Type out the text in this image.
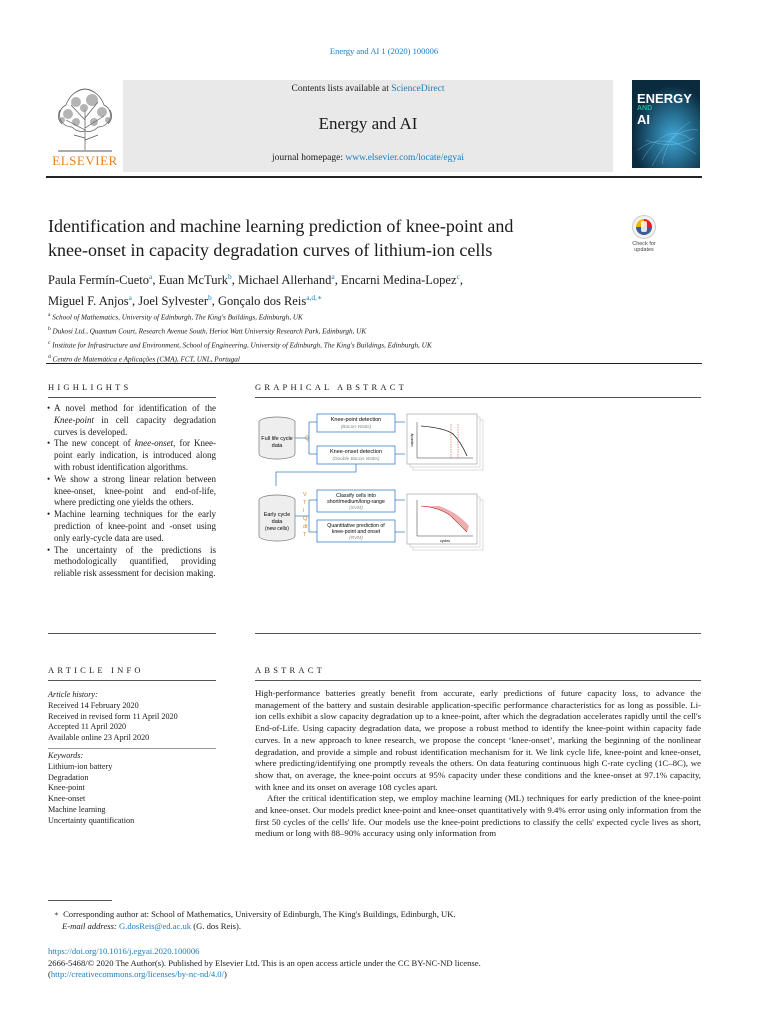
Energy and AI 1 (2020) 100006
ELSEVIER
Contents lists available at ScienceDirect
Energy and AI
journal homepage: www.elsevier.com/locate/egyai
ENERGY
AND
AI
Identification and machine learning prediction of knee-point and
knee-onset in capacity degradation curves of lithium-ion cells	Check for
updates
Paula Fermín-Cueto$^a$, Euan McTurk$^b$, Michael Allerhand$^a$, Encarni Medina-Lopez$^c$,
Miguel F. Anjos$^a$, Joel Sylvester$^b$, Gonçalo dos Reis$^{a,d,∗}$
$^a$ School of Mathematics, University of Edinburgh, The King's Buildings, Edinburgh, UK
$^b$ Dukosi Ltd., Quantum Court, Research Avenue South, Heriot Watt University Research Park, Edinburgh, UK
$^c$ Institute for Infrastructure and Environment, School of Engineering, University of Edinburgh, The King's Buildings, Edinburgh, UK
$^d$ Centro de Matemática e Aplicações (CMA), FCT, UNL, Portugal
HIGHLIGHTS
• A novel method for identification of the Knee-point in cell capacity degradation curves is developed.
• The new concept of knee-onset, for Knee-point early indication, is introduced along with robust identification algorithms.
• We show a strong linear relation between knee-onset, knee-point and end-of-life, where predicting one yields the others.
• Machine learning techniques for the early prediction of knee-point and -onset using only early-cycle data are used.
• The uncertainty of the predictions is methodologically quantified, providing reliable risk assessment for decision making.
GRAPHICAL ABSTRACT
Full life cycle
data
Early cycle
data
(new cells)
Q
V
T
I
Q
dt
T
Knee-point detection
(Bacon-Watts)
Knee-onset detection
(Double Bacon-Watts)
Classify cells into
short/medium/long-range
(SVM)
Quantitative prediction of
knee-point and onset
(RVM)
capacity
cycles
ARTICLE INFO
Article history:
Received 14 February 2020
Received in revised form 11 April 2020
Accepted 11 April 2020
Available online 23 April 2020
Keywords:
Lithium-ion battery
Degradation
Knee-point
Knee-onset
Machine learning
Uncertainty quantification
ABSTRACT

High-performance batteries greatly benefit from accurate, early predictions of future capacity loss, to advance the management of the battery and sustain desirable application-specific performance characteristics for as long as possible. Li-ion cells exhibit a slow capacity degradation up to a knee-point, after which the degradation accelerates rapidly until the cell's End-of-Life. Using capacity degradation data, we propose a robust method to identify the knee-point within capacity fade curves. In a new approach to knee research, we propose the concept ‘knee-onset’, marking the beginning of the nonlinear degradation, and provide a simple and robust identification mechanism for it. We link cycle life, knee-point and knee-onset, where predicting/identifying one promptly reveals the others. On data featuring continuous high C-rate cycling (1C–8C), we show that, on average, the knee-point occurs at 95% capacity under these conditions and the knee-onset at 97.1% capacity, with knee and its onset on average 108 cycles apart.

After the critical identification step, we employ machine learning (ML) techniques for early prediction of the knee-point and knee-onset. Our models predict knee-point and knee-onset quantitatively with 9.4% error using only information from the first 50 cycles of the cells' life. Our models use the knee-point predictions to classify the cells' expected cycle lives as short, medium or long with 88–90% accuracy using only information from

∗ Corresponding author at: School of Mathematics, University of Edinburgh, The King's Buildings, Edinburgh, UK.
E-mail address: G.dosReis@ed.ac.uk (G. dos Reis).
https://doi.org/10.1016/j.egyai.2020.100006
2666-5468/© 2020 The Author(s). Published by Elsevier Ltd. This is an open access article under the CC BY-NC-ND license.
(http://creativecommons.org/licenses/by-nc-nd/4.0/)
